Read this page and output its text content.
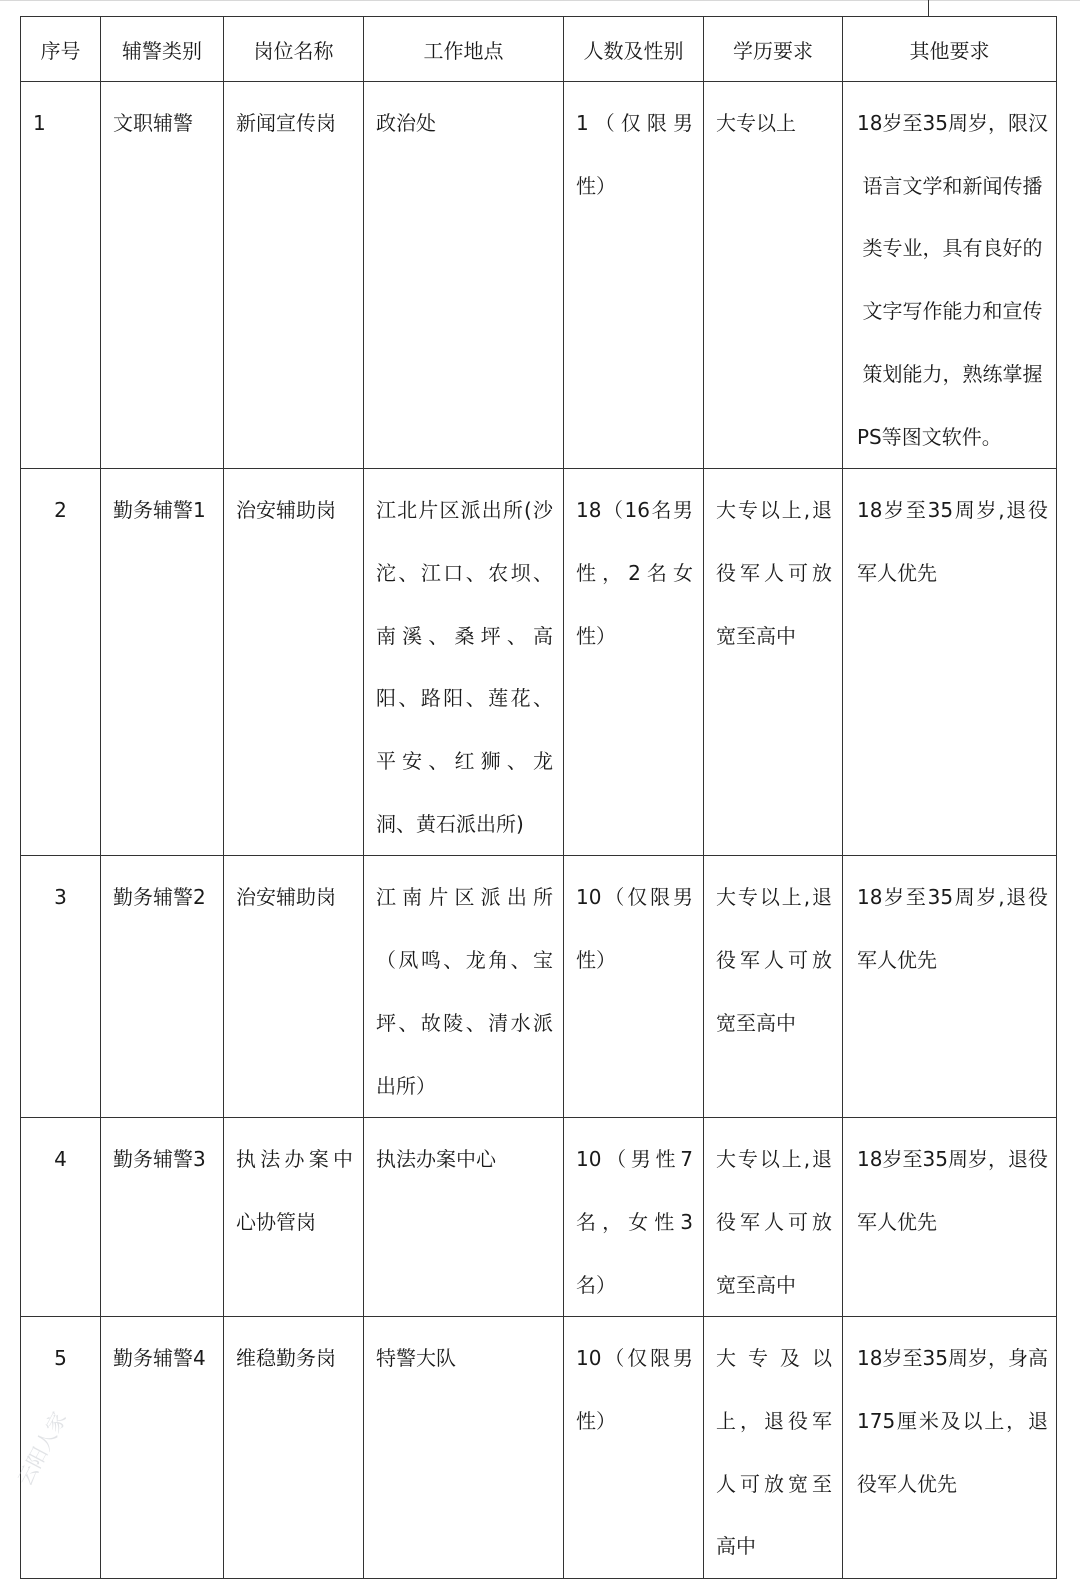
序号	辅警类别	岗位名称	工作地点	人数及性别	学历要求	其他要求
1	文职辅警	新闻宣传岗	政治处	1（仅限男性）	大专以上	18岁至35周岁，限汉语言文学和新闻传播类专业，具有良好的文字写作能力和宣传策划能力，熟练掌握PS等图文软件。
2	勤务辅警1	治安辅助岗	江北片区派出所(沙沱、江口、农坝、南溪、桑坪、高阳、路阳、莲花、平安、红狮、龙洞、黄石派出所)	18（16名男性，2名女性）	大专以上,退役军人可放宽至高中	18岁至35周岁,退役军人优先
3	勤务辅警2	治安辅助岗	江南片区派出所（凤鸣、龙角、宝坪、故陵、清水派出所）	10（仅限男性）	大专以上,退役军人可放宽至高中	18岁至35周岁,退役军人优先
4	勤务辅警3	执法办案中心协管岗	执法办案中心	10（男性7名，女性3名）	大专以上,退役军人可放宽至高中	18岁至35周岁，退役军人优先
5	勤务辅警4	维稳勤务岗	特警大队	10（仅限男性）	大专及以上，退役军人可放宽至高中	18岁至35周岁，身高175厘米及以上，退役军人优先
云阳人家
